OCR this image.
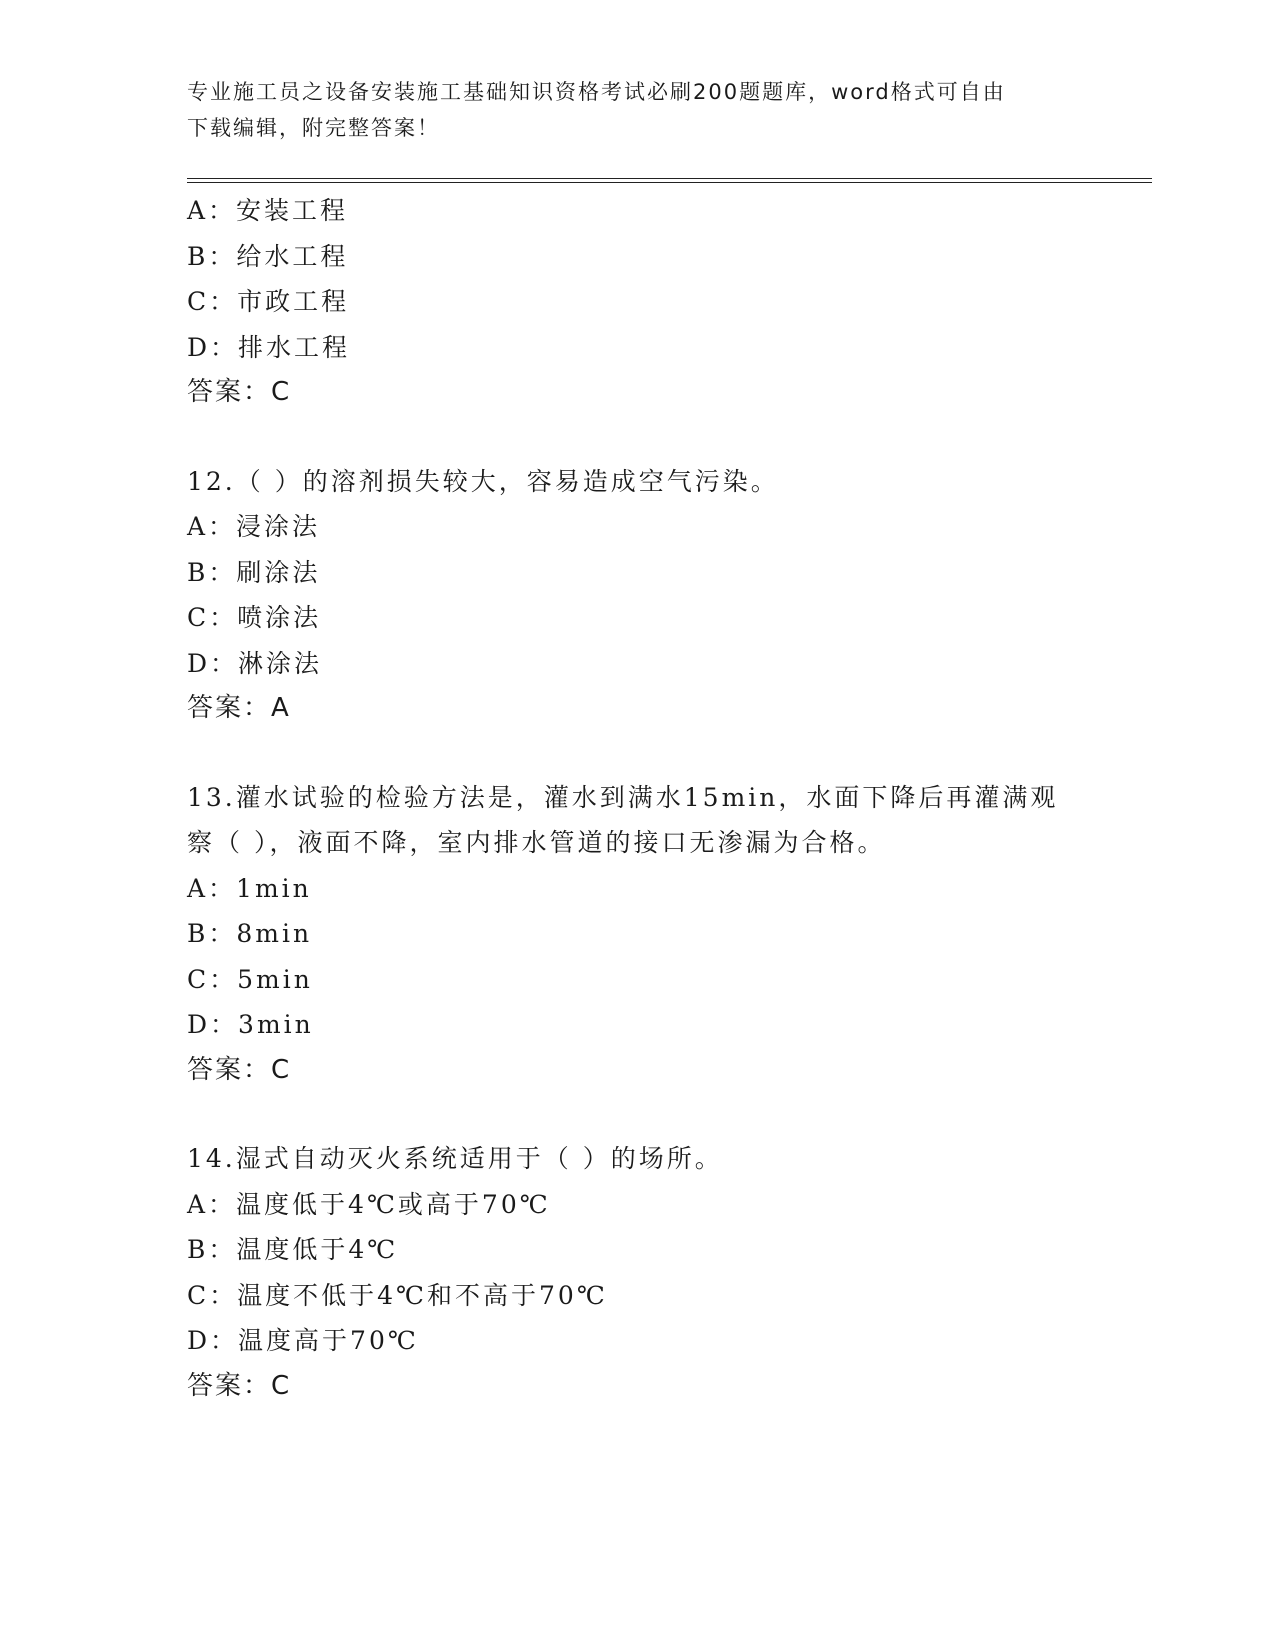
专业施工员之设备安装施工基础知识资格考试必刷200题题库，word格式可自由
下载编辑，附完整答案！
A：安装工程
B：给水工程
C：市政工程
D：排水工程
答案：C
12.（ ）的溶剂损失较大，容易造成空气污染。
A：浸涂法
B：刷涂法
C：喷涂法
D：淋涂法
答案：A
13.灌水试验的检验方法是，灌水到满水15min，水面下降后再灌满观
察（ ），液面不降，室内排水管道的接口无渗漏为合格。
A：1min
B：8min
C：5min
D：3min
答案：C
14.湿式自动灭火系统适用于（ ）的场所。
A：温度低于4℃或高于70℃
B：温度低于4℃
C：温度不低于4℃和不高于70℃
D：温度高于70℃
答案：C
